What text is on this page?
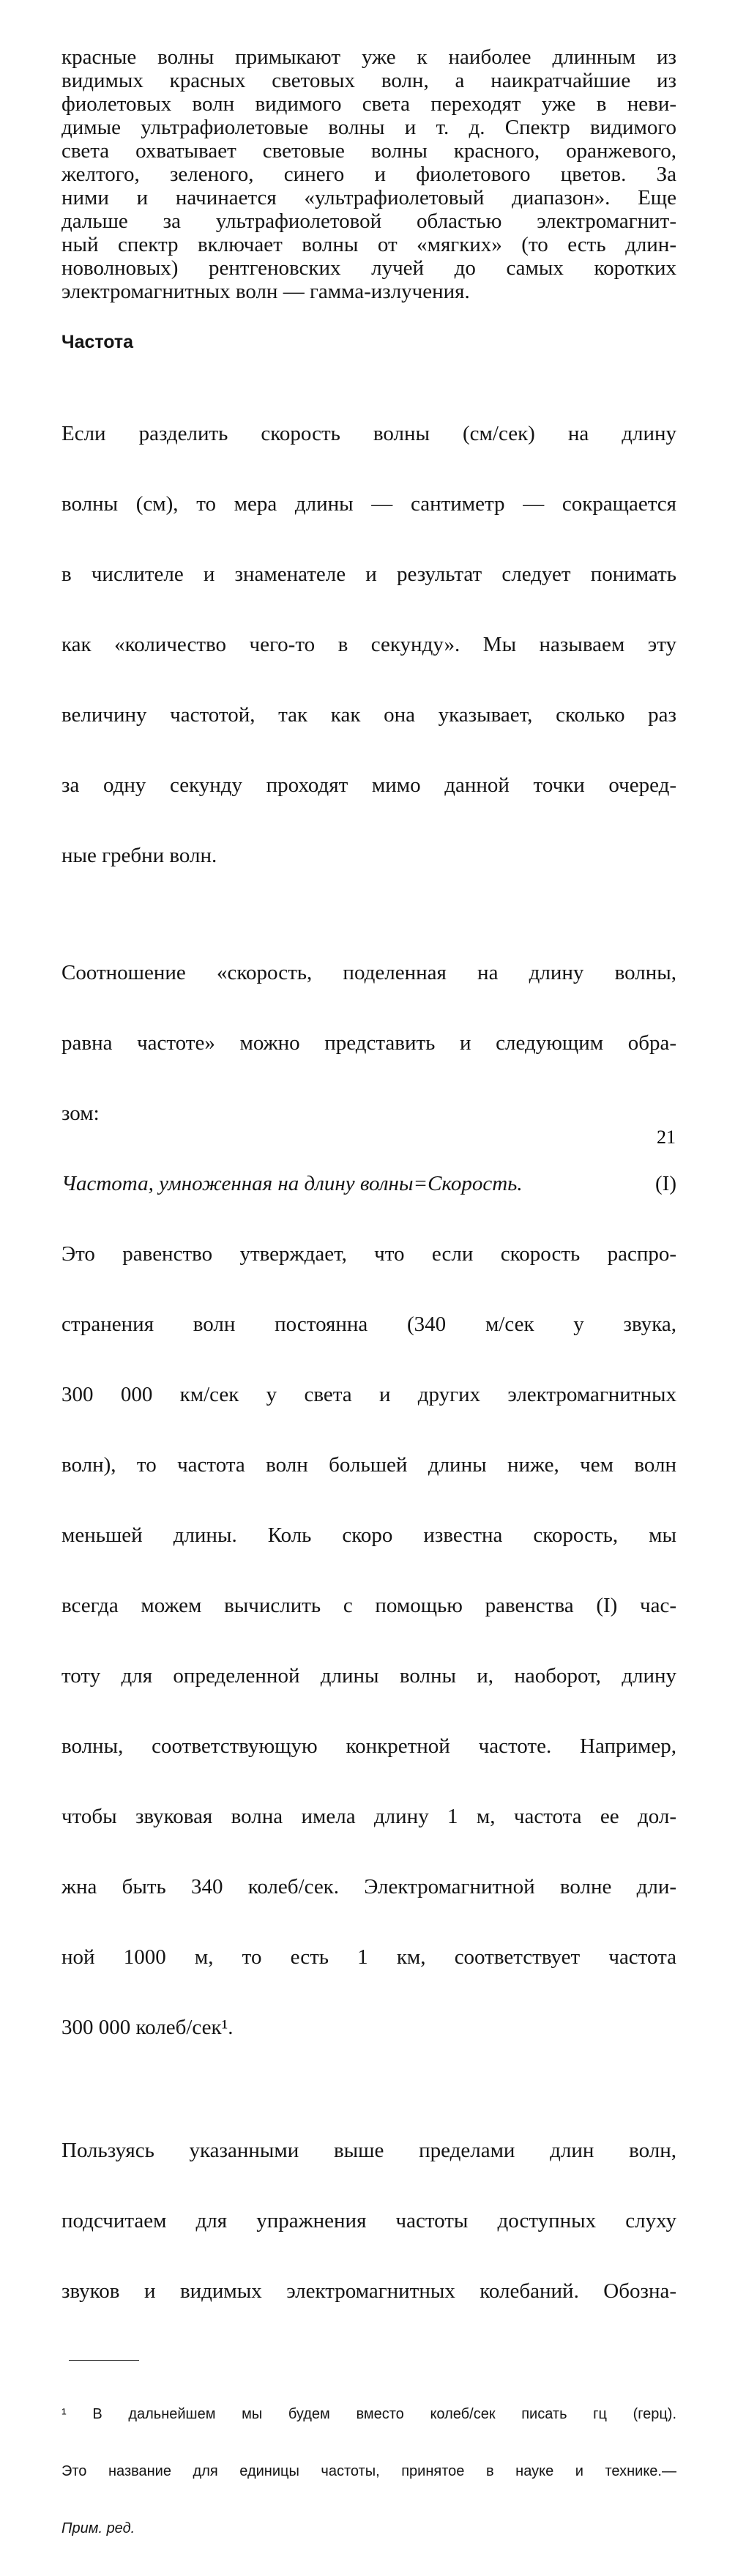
красные волны примыкают уже к наиболее длинным из
видимых красных световых волн, а наикратчайшие из
фиолетовых волн видимого света переходят уже в неви-
димые ультрафиолетовые волны и т. д. Спектр видимого
света охватывает световые волны красного, оранжевого,
желтого, зеленого, синего и фиолетового цветов. За
ними и начинается «ультрафиолетовый диапазон». Еще
дальше за ультрафиолетовой областью электромагнит-
ный спектр включает волны от «мягких» (то есть длин-
новолновых) рентгеновских лучей до самых коротких
электромагнитных волн — гамма-излучения.

Частота

Если разделить скорость волны (см/сек) на длину

волны (см), то мера длины — сантиметр — сокращается

в числителе и знаменателе и результат следует понимать

как «количество чего-то в секунду». Мы называем эту

величину частотой, так как она указывает, сколько раз

за одну секунду проходят мимо данной точки очеред-

ные гребни волн.

Соотношение «скорость, поделенная на длину волны,

равна частоте» можно представить и следующим обра-

зом:

Частота, умноженная на длину волны=Скорость.	(I)

Это равенство утверждает, что если скорость распро-

странения волн постоянна (340 м/сек у звука,

300 000 км/сек у света и других электромагнитных

волн), то частота волн большей длины ниже, чем волн

меньшей длины. Коль скоро известна скорость, мы

всегда можем вычислить с помощью равенства (I) час-

тоту для определенной длины волны и, наоборот, длину

волны, соответствующую конкретной частоте. Например,

чтобы звуковая волна имела длину 1 м, частота ее дол-

жна быть 340 колеб/сек. Электромагнитной волне дли-

ной 1000 м, то есть 1 км, соответствует частота

300 000 колеб/сек¹.

Пользуясь указанными выше пределами длин волн,

подсчитаем для упражнения частоты доступных слуху

звуков и видимых электромагнитных колебаний. Обозна-

¹ В дальнейшем мы будем вместо колеб/сек писать гц (герц).

Это название для единицы частоты, принятое в науке и технике.—

Прим. ред.

21
